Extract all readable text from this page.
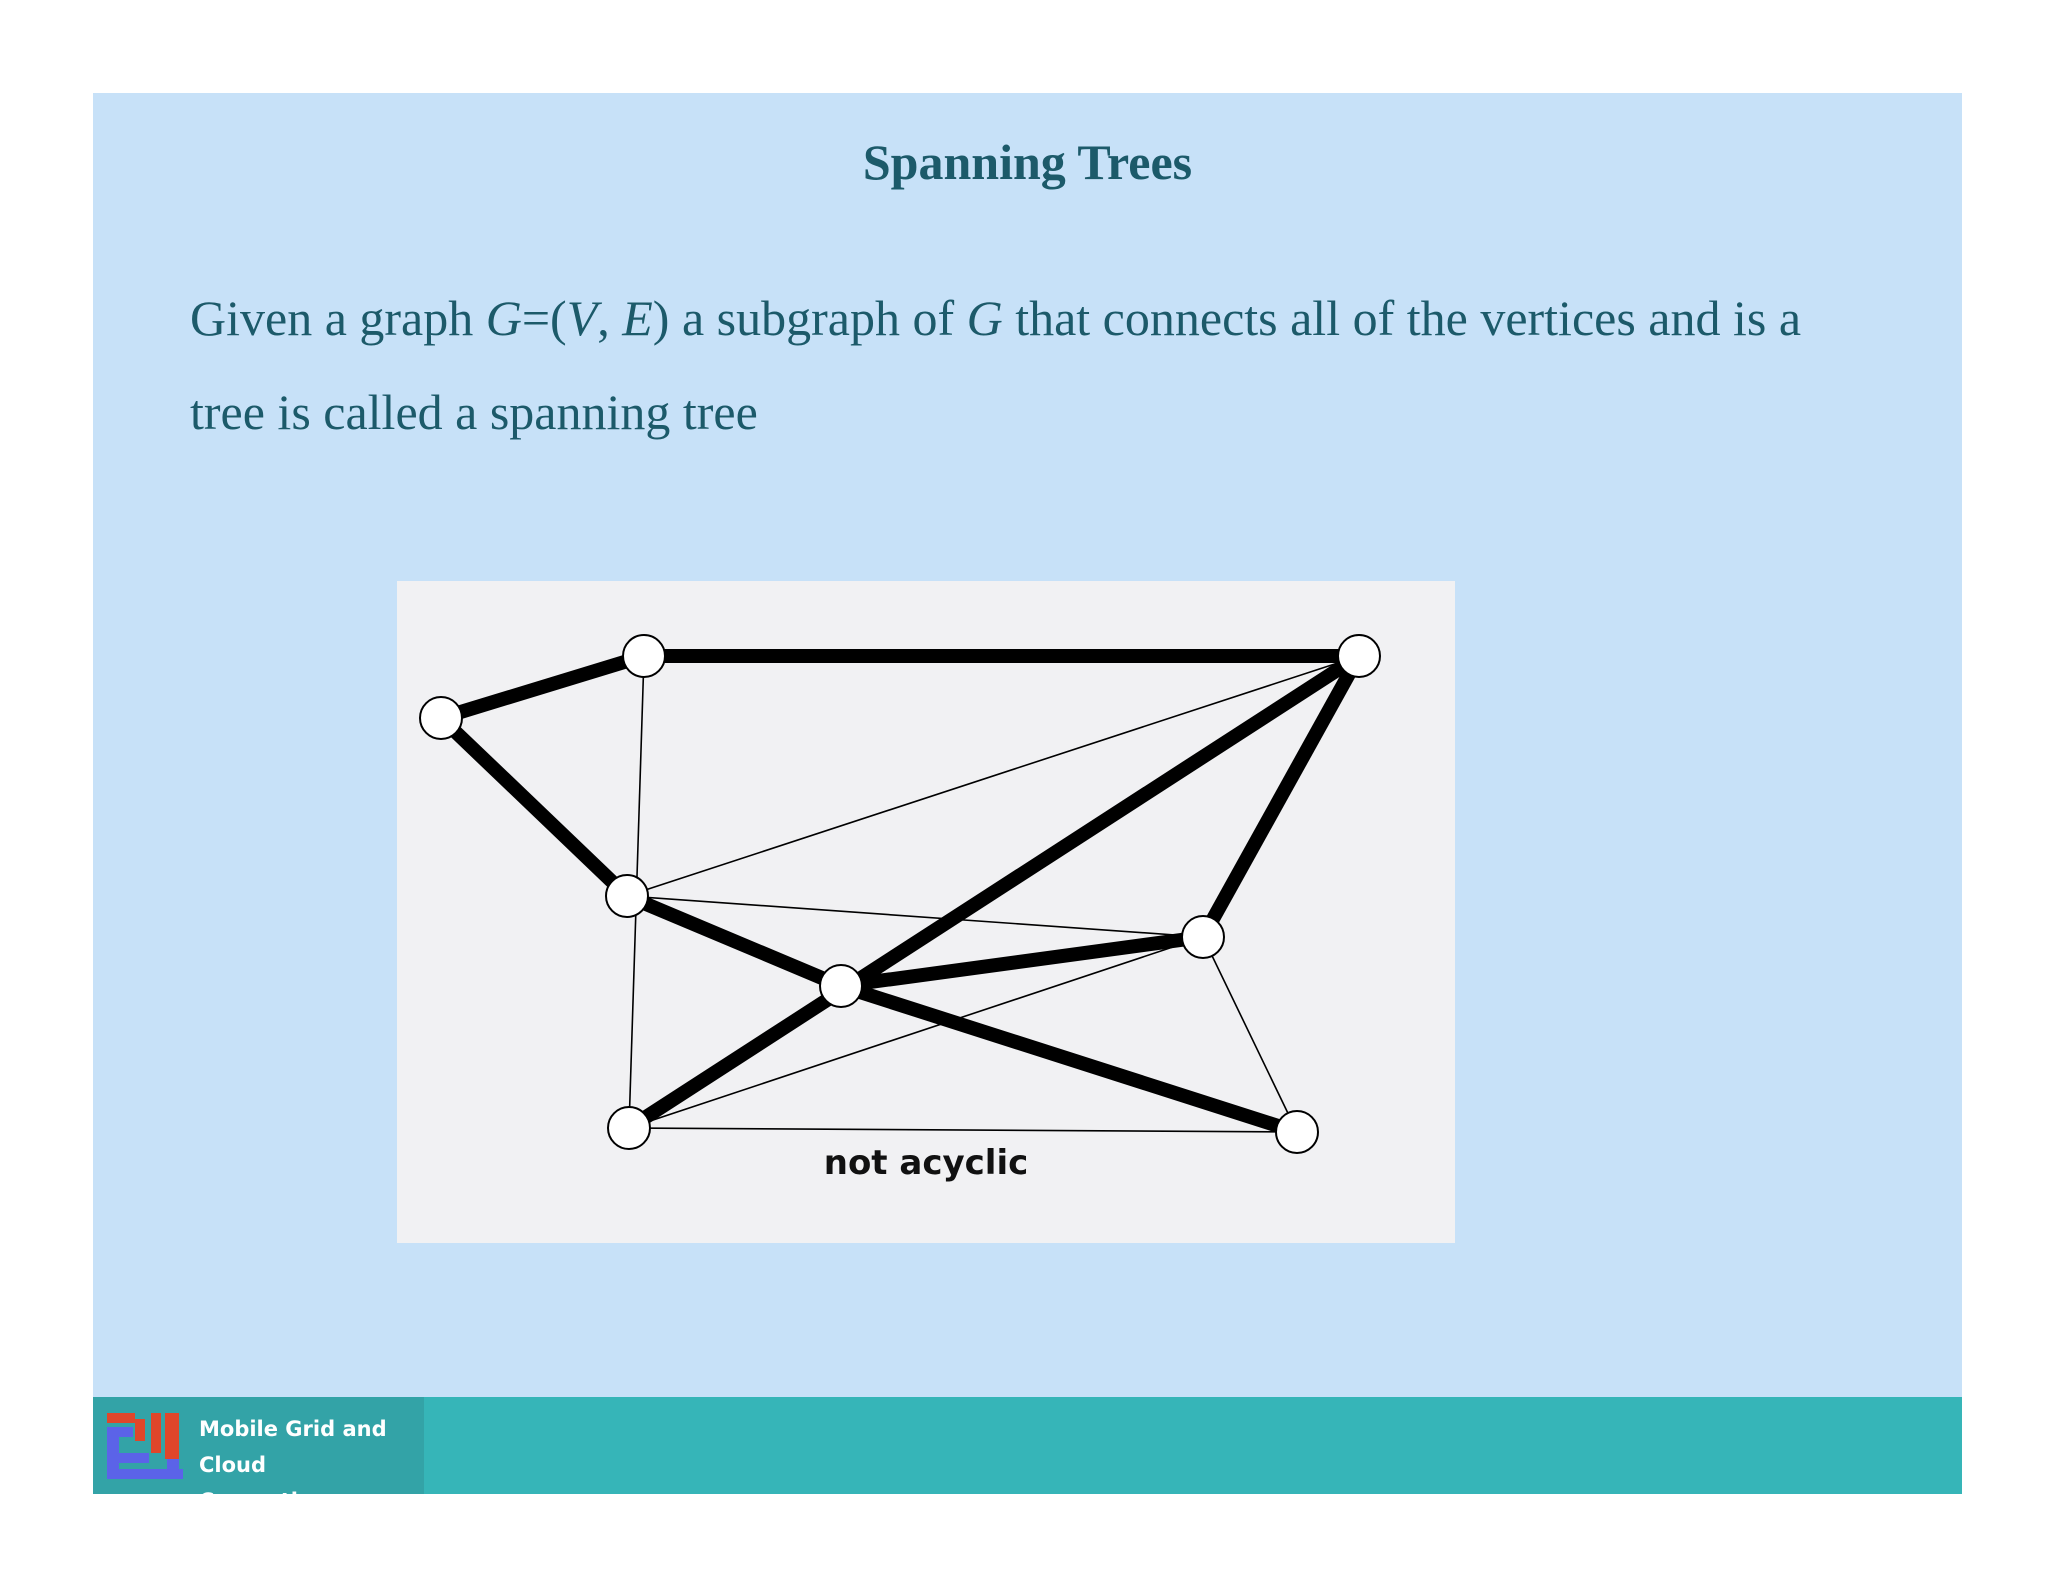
Spanning Trees

Given a graph G=(V, E) a subgraph of G that connects all of the vertices and is a tree is called a spanning tree

not acyclic
Mobile Grid and Cloud
Computing Laboratory
